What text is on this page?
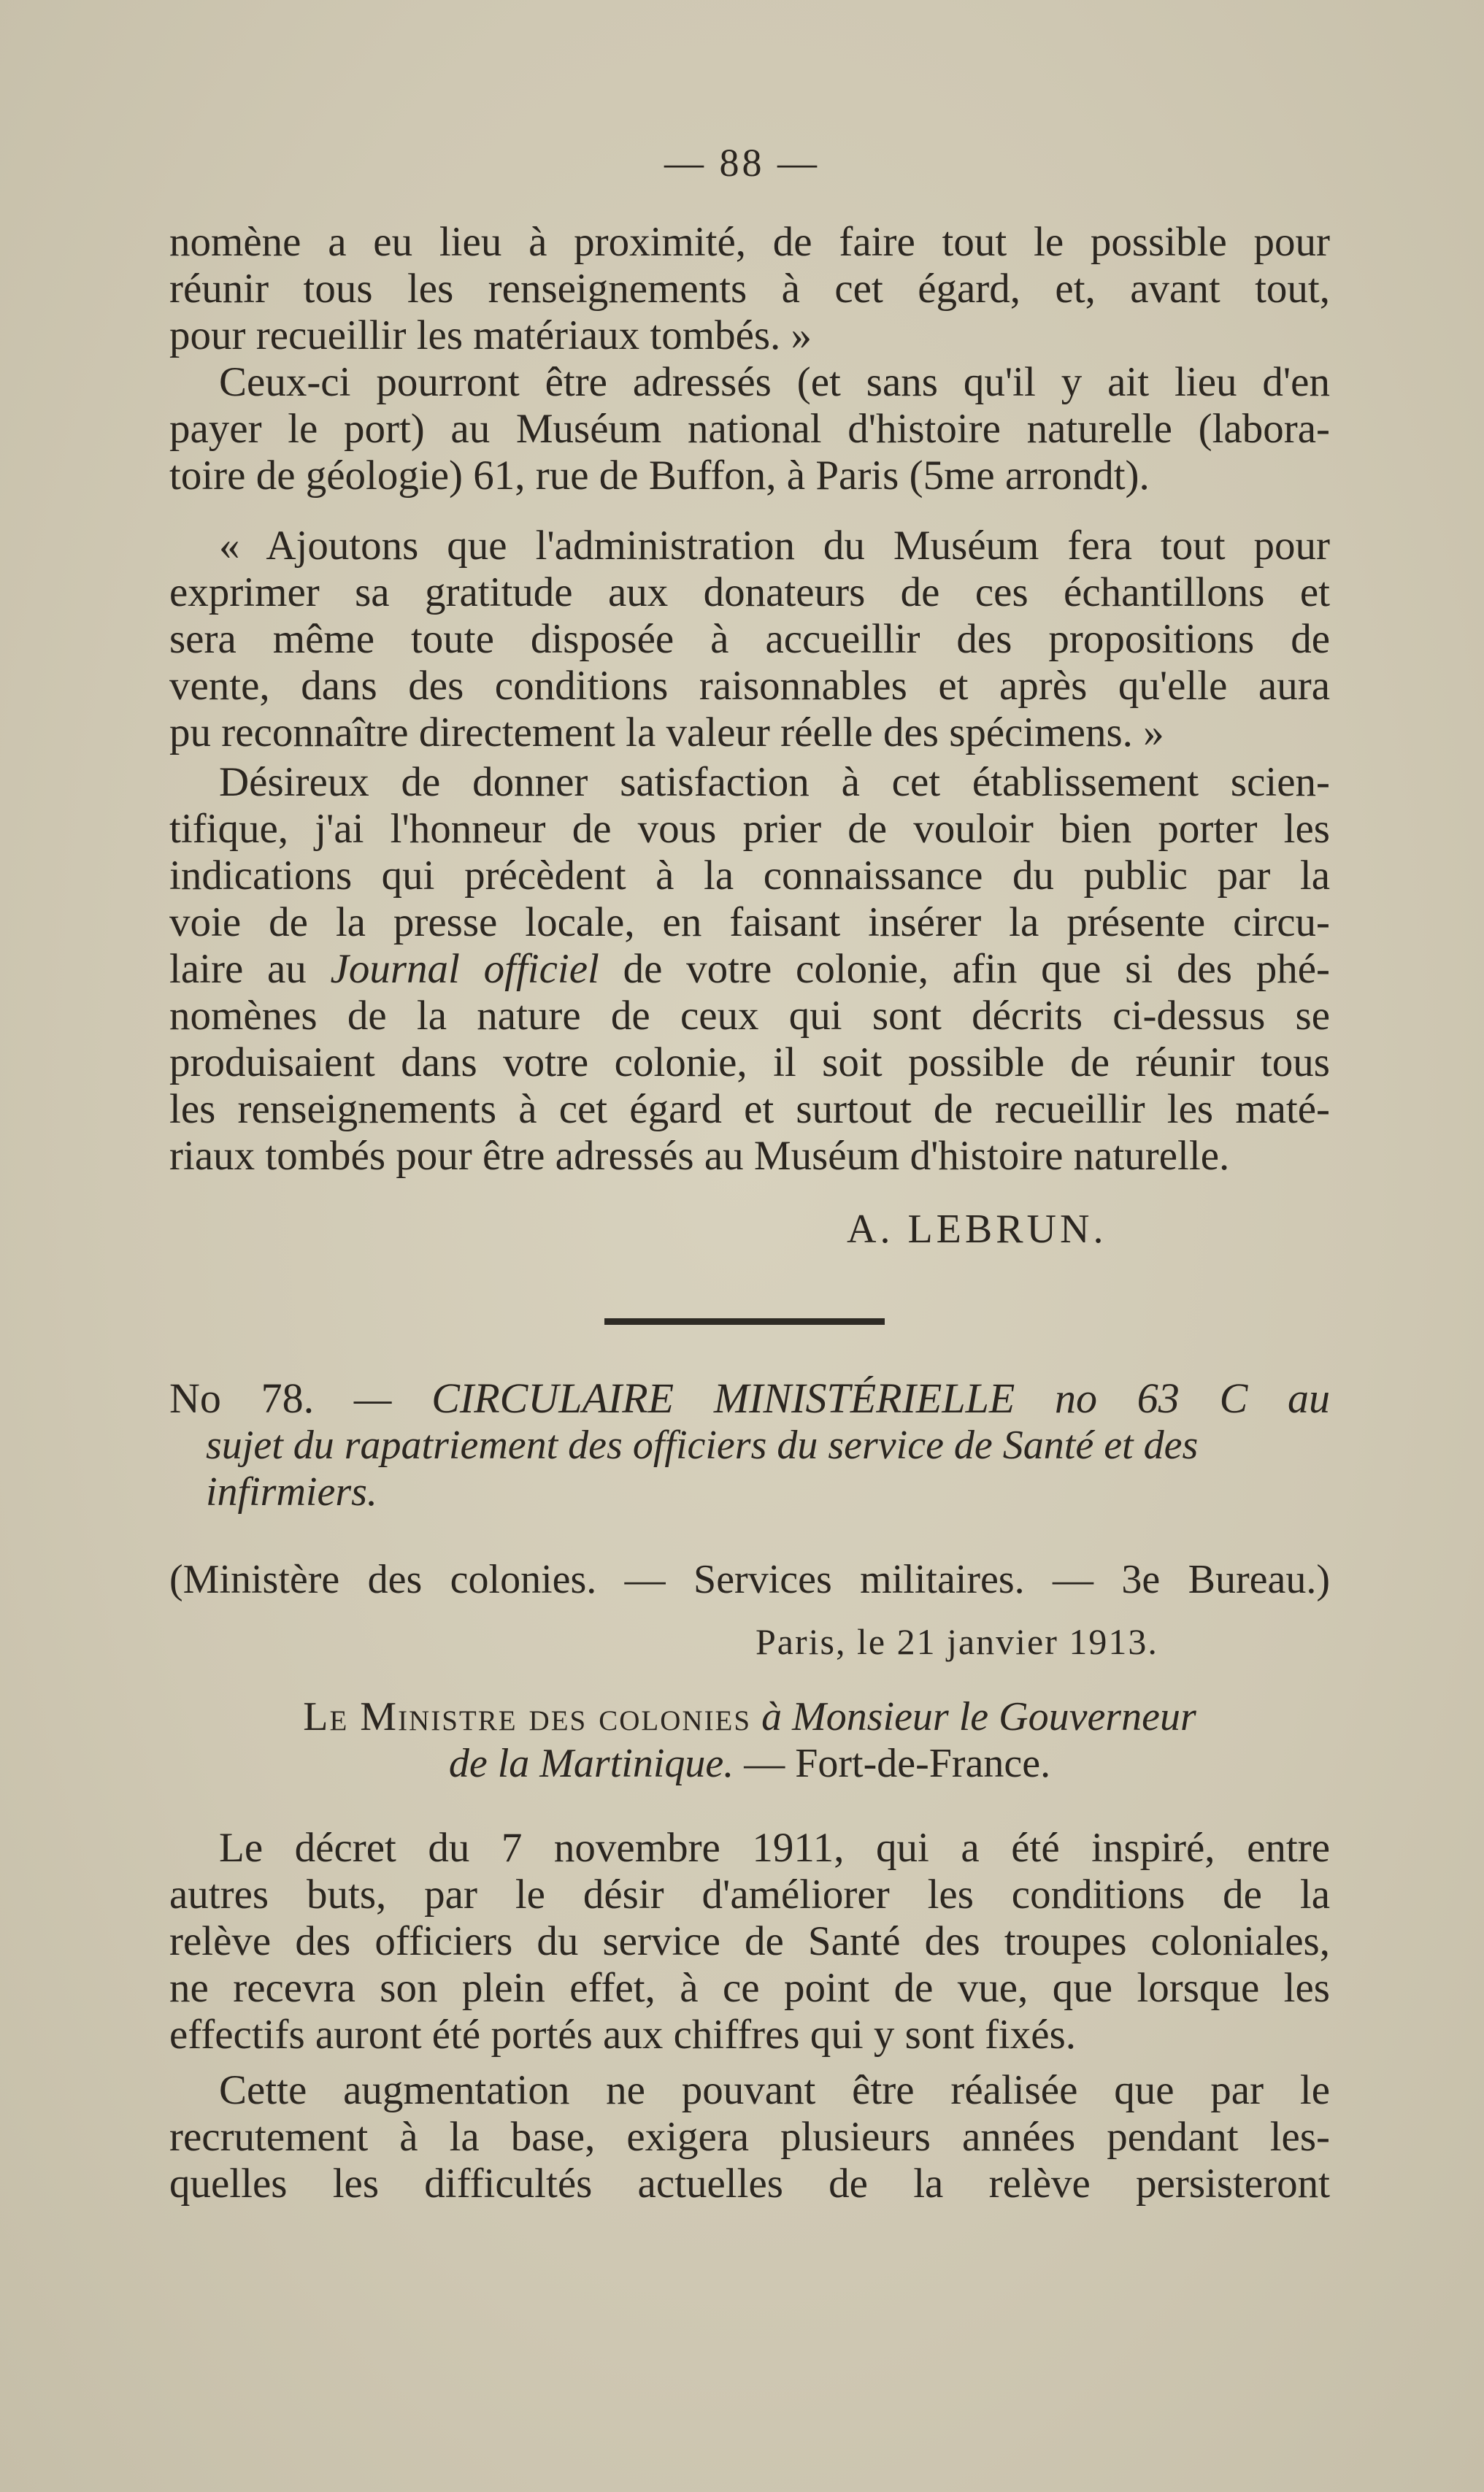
— 88 —

nomène a eu lieu à proximité, de faire tout le possible pour

réunir tous les renseignements à cet égard, et, avant tout,

pour recueillir les matériaux tombés. »

Ceux-ci pourront être adressés (et sans qu'il y ait lieu d'en

payer le port) au Muséum national d'histoire naturelle (labora-

toire de géologie) 61, rue de Buffon, à Paris (5me arrondt).

« Ajoutons que l'administration du Muséum fera tout pour

exprimer sa gratitude aux donateurs de ces échantillons et

sera même toute disposée à accueillir des propositions de

vente, dans des conditions raisonnables et après qu'elle aura

pu reconnaître directement la valeur réelle des spécimens. »

Désireux de donner satisfaction à cet établissement scien-

tifique, j'ai l'honneur de vous prier de vouloir bien porter les

indications qui précèdent à la connaissance du public par la

voie de la presse locale, en faisant insérer la présente circu-

laire au Journal officiel de votre colonie, afin que si des phé-

nomènes de la nature de ceux qui sont décrits ci-dessus se

produisaient dans votre colonie, il soit possible de réunir tous

les renseignements à cet égard et surtout de recueillir les maté-

riaux tombés pour être adressés au Muséum d'histoire naturelle.

A. LEBRUN.
No 78. — CIRCULAIRE MINISTÉRIELLE no 63 C au
sujet du rapatriement des officiers du service de Santé et des
infirmiers.
(Ministère des colonies. — Services militaires. — 3e Bureau.)
Paris, le 21 janvier 1913.
Le Ministre des colonies à Monsieur le Gouverneur
de la Martinique. — Fort-de-France.

Le décret du 7 novembre 1911, qui a été inspiré, entre

autres buts, par le désir d'améliorer les conditions de la

relève des officiers du service de Santé des troupes coloniales,

ne recevra son plein effet, à ce point de vue, que lorsque les

effectifs auront été portés aux chiffres qui y sont fixés.

Cette augmentation ne pouvant être réalisée que par le

recrutement à la base, exigera plusieurs années pendant les-

quelles les difficultés actuelles de la relève persisteront
